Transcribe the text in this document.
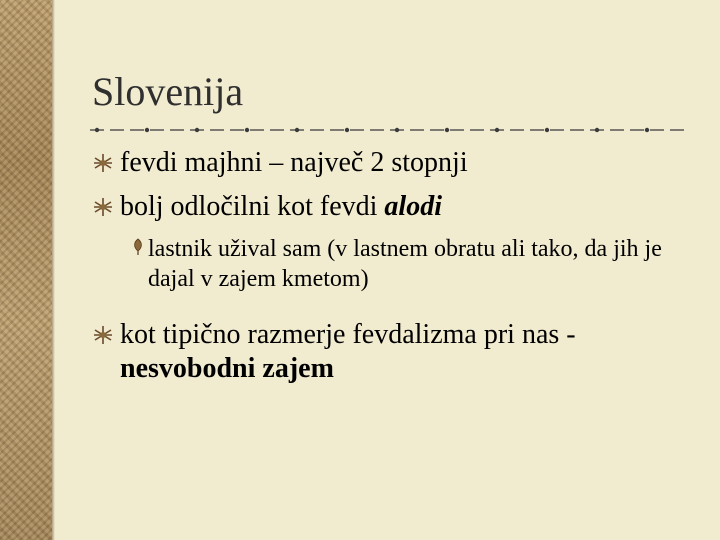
Slovenija
fevdi majhni – največ 2 stopnji
bolj odločilni kot fevdi alodi
lastnik užival sam (v lastnem obratu ali tako, da jih je dajal v zajem kmetom)
kot tipično razmerje fevdalizma pri nas - nesvobodni zajem
